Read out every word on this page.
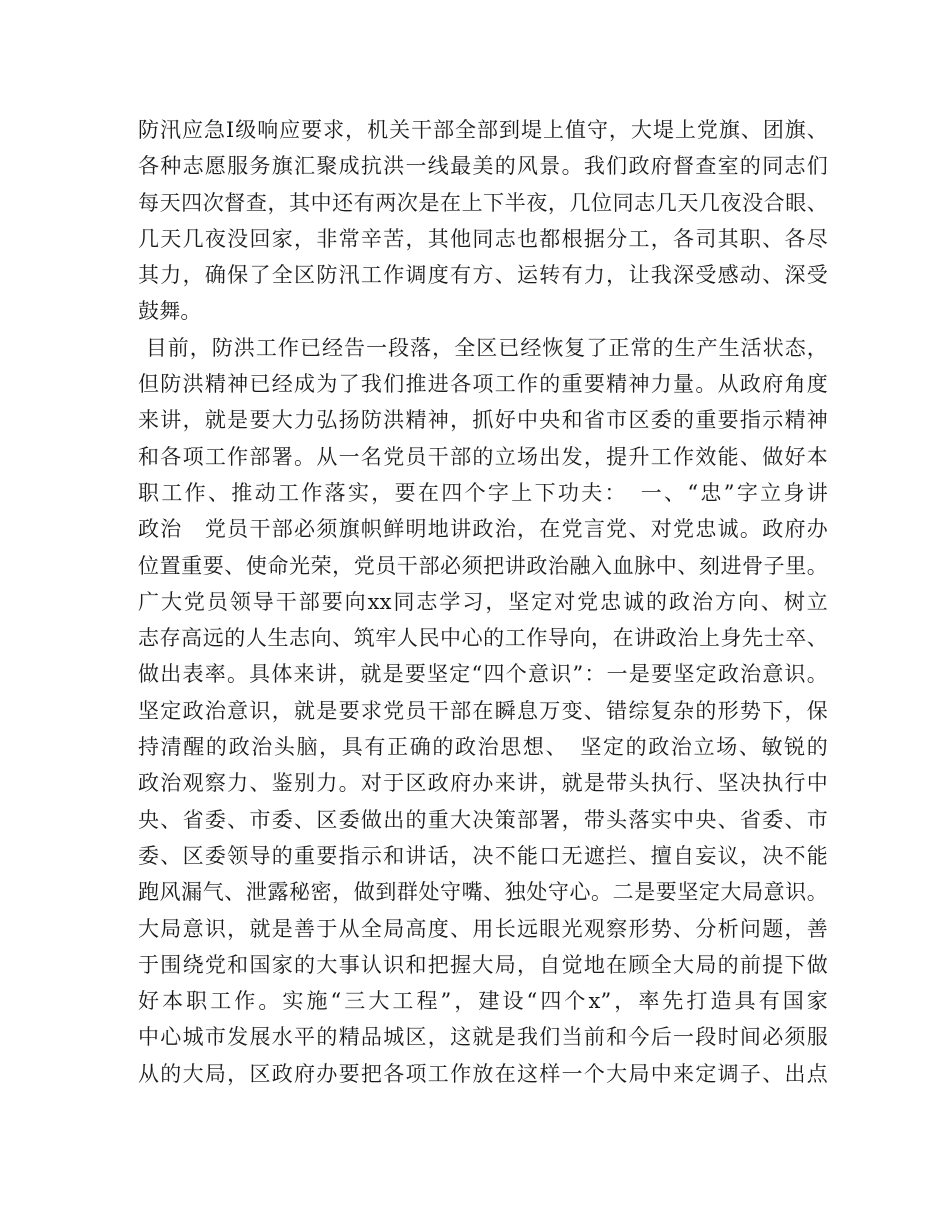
防汛应急Ⅰ级响应要求，机关干部全部到堤上值守，大堤上党旗、团旗、
各种志愿服务旗汇聚成抗洪一线最美的风景。我们政府督查室的同志们
每天四次督查，其中还有两次是在上下半夜，几位同志几天几夜没合眼、
几天几夜没回家，非常辛苦，其他同志也都根据分工，各司其职、各尽
其力，确保了全区防汛工作调度有方、运转有力，让我深受感动、深受
鼓舞。
目前，防洪工作已经告一段落，全区已经恢复了正常的生产生活状态，
但防洪精神已经成为了我们推进各项工作的重要精神力量。从政府角度
来讲，就是要大力弘扬防洪精神，抓好中央和省市区委的重要指示精神
和各项工作部署。从一名党员干部的立场出发，提升工作效能、做好本
职工作、推动工作落实，要在四个字上下功夫：　一、“忠”字立身讲
政治　党员干部必须旗帜鲜明地讲政治，在党言党、对党忠诚。政府办
位置重要、使命光荣，党员干部必须把讲政治融入血脉中、刻进骨子里。
广大党员领导干部要向xx同志学习，坚定对党忠诚的政治方向、树立
志存高远的人生志向、筑牢人民中心的工作导向，在讲政治上身先士卒、
做出表率。具体来讲，就是要坚定“四个意识”：一是要坚定政治意识。
坚定政治意识，就是要求党员干部在瞬息万变、错综复杂的形势下，保
持清醒的政治头脑，具有正确的政治思想、　坚定的政治立场、敏锐的
政治观察力、鉴别力。对于区政府办来讲，就是带头执行、坚决执行中
央、省委、市委、区委做出的重大决策部署，带头落实中央、省委、市
委、区委领导的重要指示和讲话，决不能口无遮拦、擅自妄议，决不能
跑风漏气、泄露秘密，做到群处守嘴、独处守心。二是要坚定大局意识。
大局意识，就是善于从全局高度、用长远眼光观察形势、分析问题，善
于围绕党和国家的大事认识和把握大局，自觉地在顾全大局的前提下做
好本职工作。实施“三大工程”，建设“四个x”，率先打造具有国家
中心城市发展水平的精品城区，这就是我们当前和今后一段时间必须服
从的大局，区政府办要把各项工作放在这样一个大局中来定调子、出点
